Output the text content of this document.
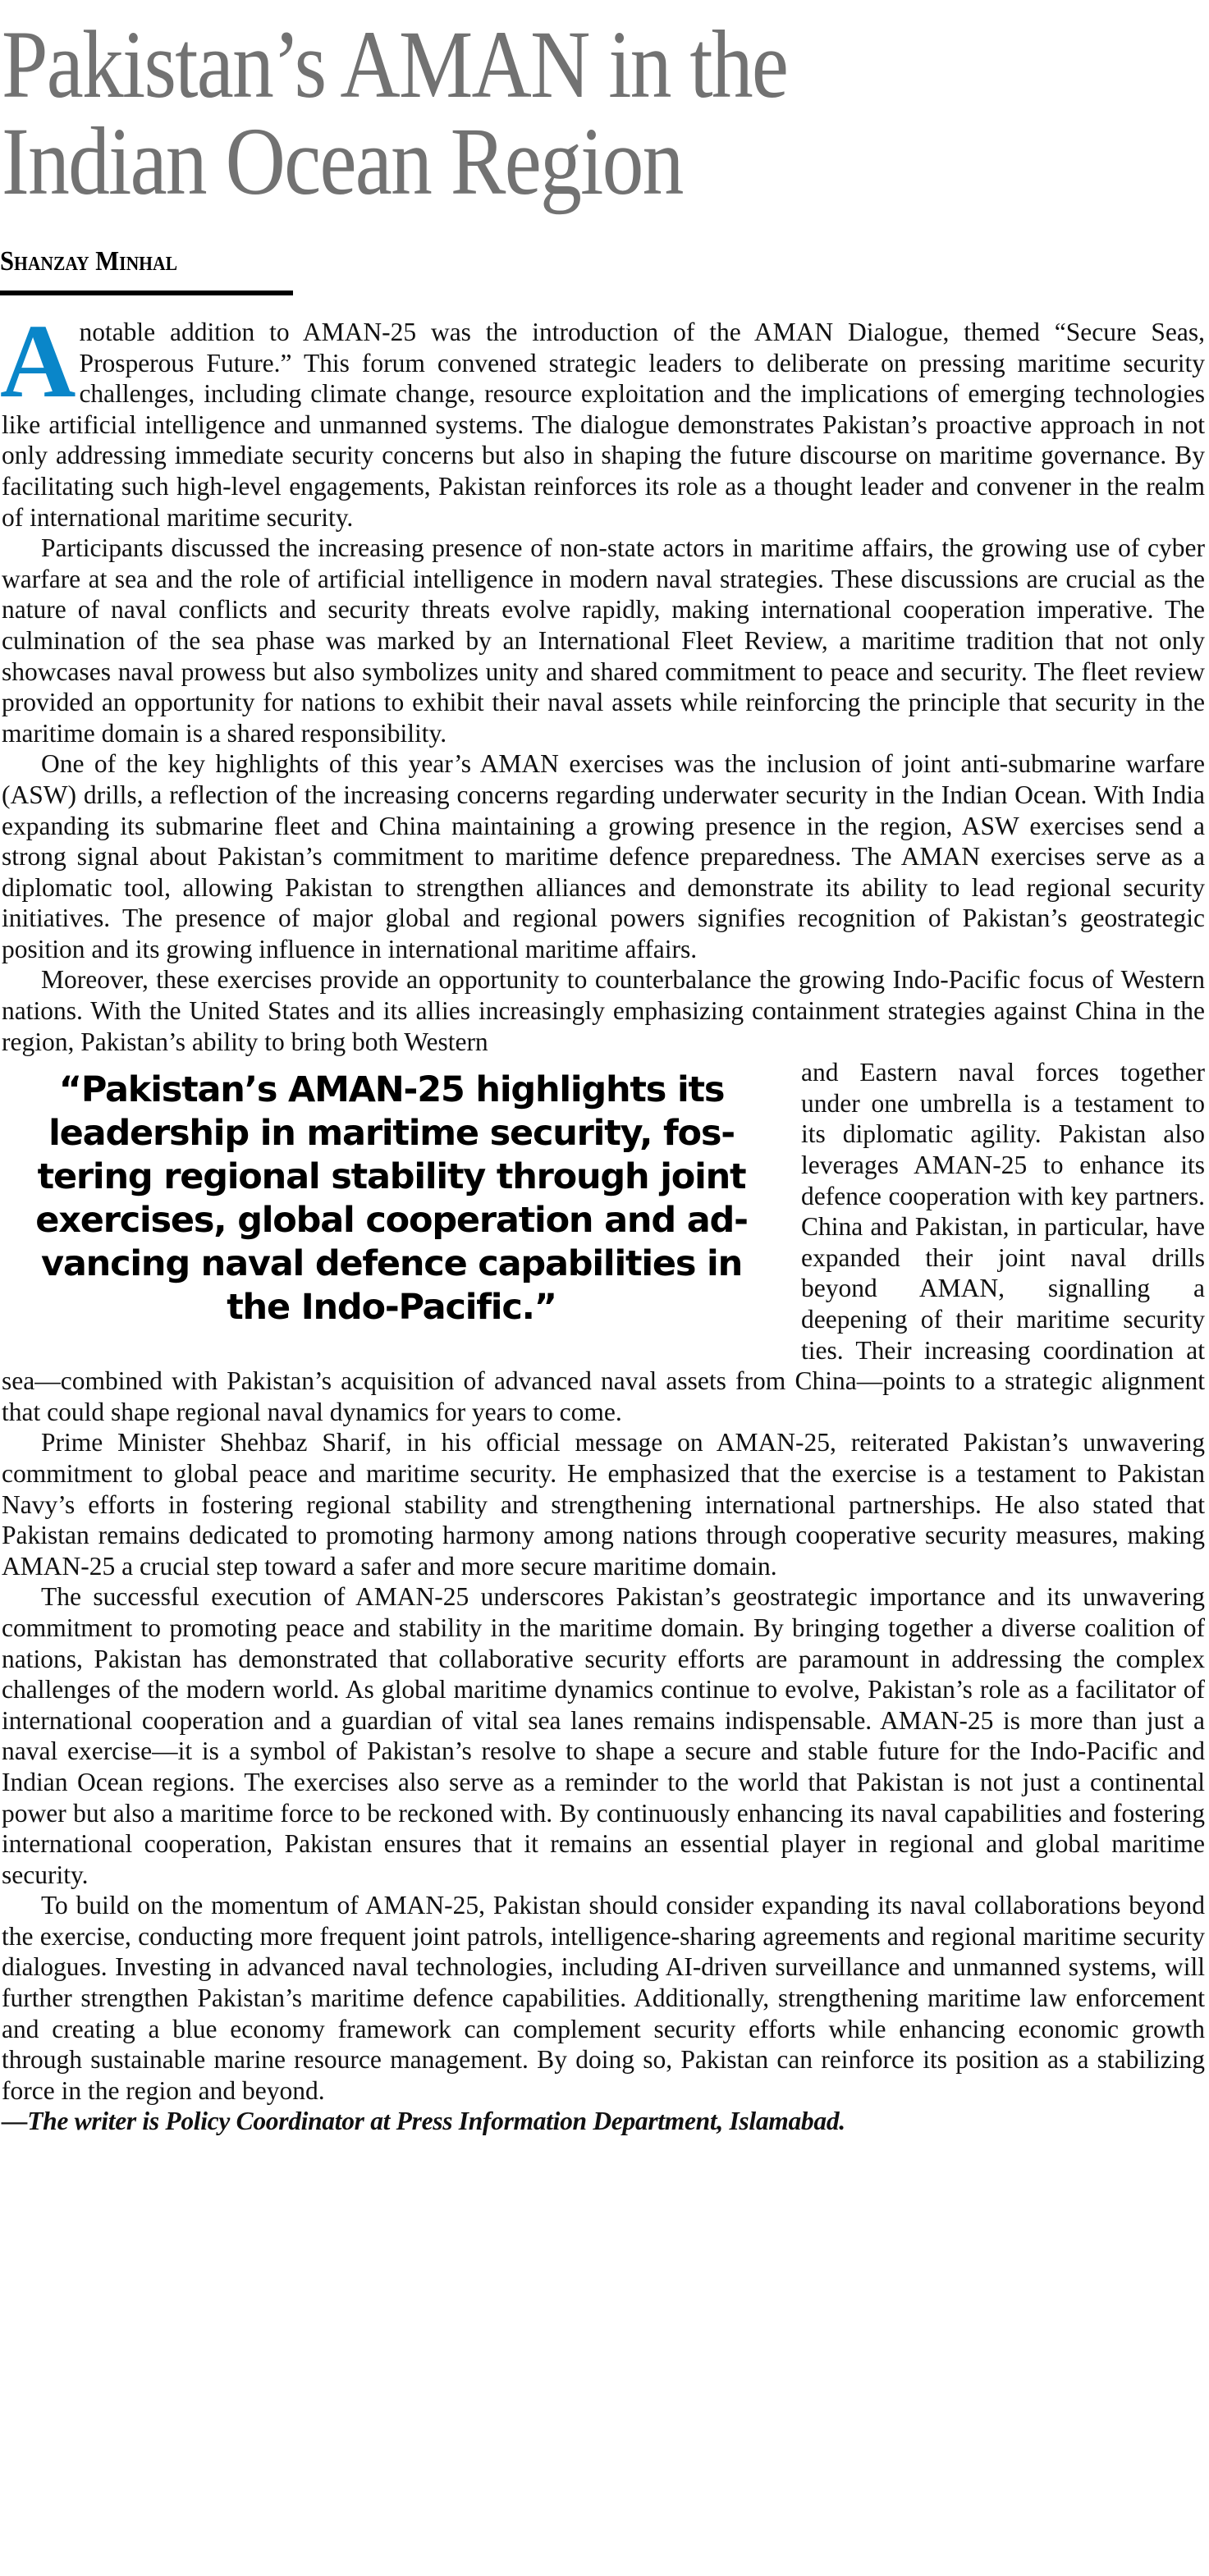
Pakistan’s AMAN in the
Indian Ocean Region
Shanzay Minhal

A notable addition to AMAN-25 was the introduction of the AMAN Dialogue, themed “Secure Seas, Prosperous Future.” This forum convened strategic leaders to deliberate on pressing maritime security challenges, including climate change, resource exploitation and the implications of emerging technologies like artificial intelligence and unmanned systems. The dialogue demonstrates Pakistan’s proactive approach in not only addressing immediate security concerns but also in shaping the future discourse on maritime governance. By facilitating such high-level engagements, Pakistan reinforces its role as a thought leader and convener in the realm of international maritime security.

Participants discussed the increasing presence of non-state actors in maritime affairs, the growing use of cyber warfare at sea and the role of artificial intelligence in modern naval strategies. These discussions are crucial as the nature of naval conflicts and security threats evolve rapidly, making international cooperation imperative. The culmination of the sea phase was marked by an International Fleet Review, a maritime tradition that not only showcases naval prowess but also symbolizes unity and shared commitment to peace and security. The fleet review provided an opportunity for nations to exhibit their naval assets while reinforcing the principle that security in the maritime domain is a shared responsibility.

One of the key highlights of this year’s AMAN exercises was the inclusion of joint anti-submarine warfare (ASW) drills, a reflection of the increasing concerns regarding underwater security in the Indian Ocean. With India expanding its submarine fleet and China maintaining a growing presence in the region, ASW exercises send a strong signal about Pakistan’s commitment to maritime defence preparedness. The AMAN exercises serve as a diplomatic tool, allowing Pakistan to strengthen alliances and demonstrate its ability to lead regional security initiatives. The presence of major global and regional powers signifies recognition of Pakistan’s geostrategic position and its growing influence in international maritime affairs.

Moreover, these exercises provide an opportunity to counterbalance the growing Indo-Pacific focus of Western nations. With the United States and its allies increasingly emphasizing containment strategies against China in the region, Pakistan’s ability to bring both Western

“Pakistan’s AMAN-25 highlights its
leadership in maritime security, fos-
tering regional stability through joint
exercises, global cooperation and ad-
vancing naval defence capabilities in
the Indo-Pacific.”
and Eastern naval forces together under one umbrella is a testament to its diplomatic agility. Pakistan also leverages AMAN-25 to enhance its defence cooperation with key partners. China and Pakistan, in particular, have expanded their joint naval drills beyond AMAN, signalling a deepening of their maritime security ties. Their increasing coordination at sea—combined with Pakistan’s acquisition of advanced naval assets from China—points to a strategic alignment that could shape regional naval dynamics for years to come.

Prime Minister Shehbaz Sharif, in his official message on AMAN-25, reiterated Pakistan’s unwavering commitment to global peace and maritime security. He emphasized that the exercise is a testament to Pakistan Navy’s efforts in fostering regional stability and strengthening international partnerships. He also stated that Pakistan remains dedicated to promoting harmony among nations through cooperative security measures, making AMAN-25 a crucial step toward a safer and more secure maritime domain.

The successful execution of AMAN-25 underscores Pakistan’s geostrategic importance and its unwavering commitment to promoting peace and stability in the maritime domain. By bringing together a diverse coalition of nations, Pakistan has demonstrated that collaborative security efforts are paramount in addressing the complex challenges of the modern world. As global maritime dynamics continue to evolve, Pakistan’s role as a facilitator of international cooperation and a guardian of vital sea lanes remains indispensable. AMAN-25 is more than just a naval exercise—it is a symbol of Pakistan’s resolve to shape a secure and stable future for the Indo-Pacific and Indian Ocean regions. The exercises also serve as a reminder to the world that Pakistan is not just a continental power but also a maritime force to be reckoned with. By continuously enhancing its naval capabilities and fostering international cooperation, Pakistan ensures that it remains an essential player in regional and global maritime security.

To build on the momentum of AMAN-25, Pakistan should consider expanding its naval collaborations beyond the exercise, conducting more frequent joint patrols, intelligence-sharing agreements and regional maritime security dialogues. Investing in advanced naval technologies, including AI-driven surveillance and unmanned systems, will further strengthen Pakistan’s maritime defence capabilities. Additionally, strengthening maritime law enforcement and creating a blue economy framework can complement security efforts while enhancing economic growth through sustainable marine resource management. By doing so, Pakistan can reinforce its position as a stabilizing force in the region and beyond.

—The writer is Policy Coordinator at Press Information Department, Islamabad.
